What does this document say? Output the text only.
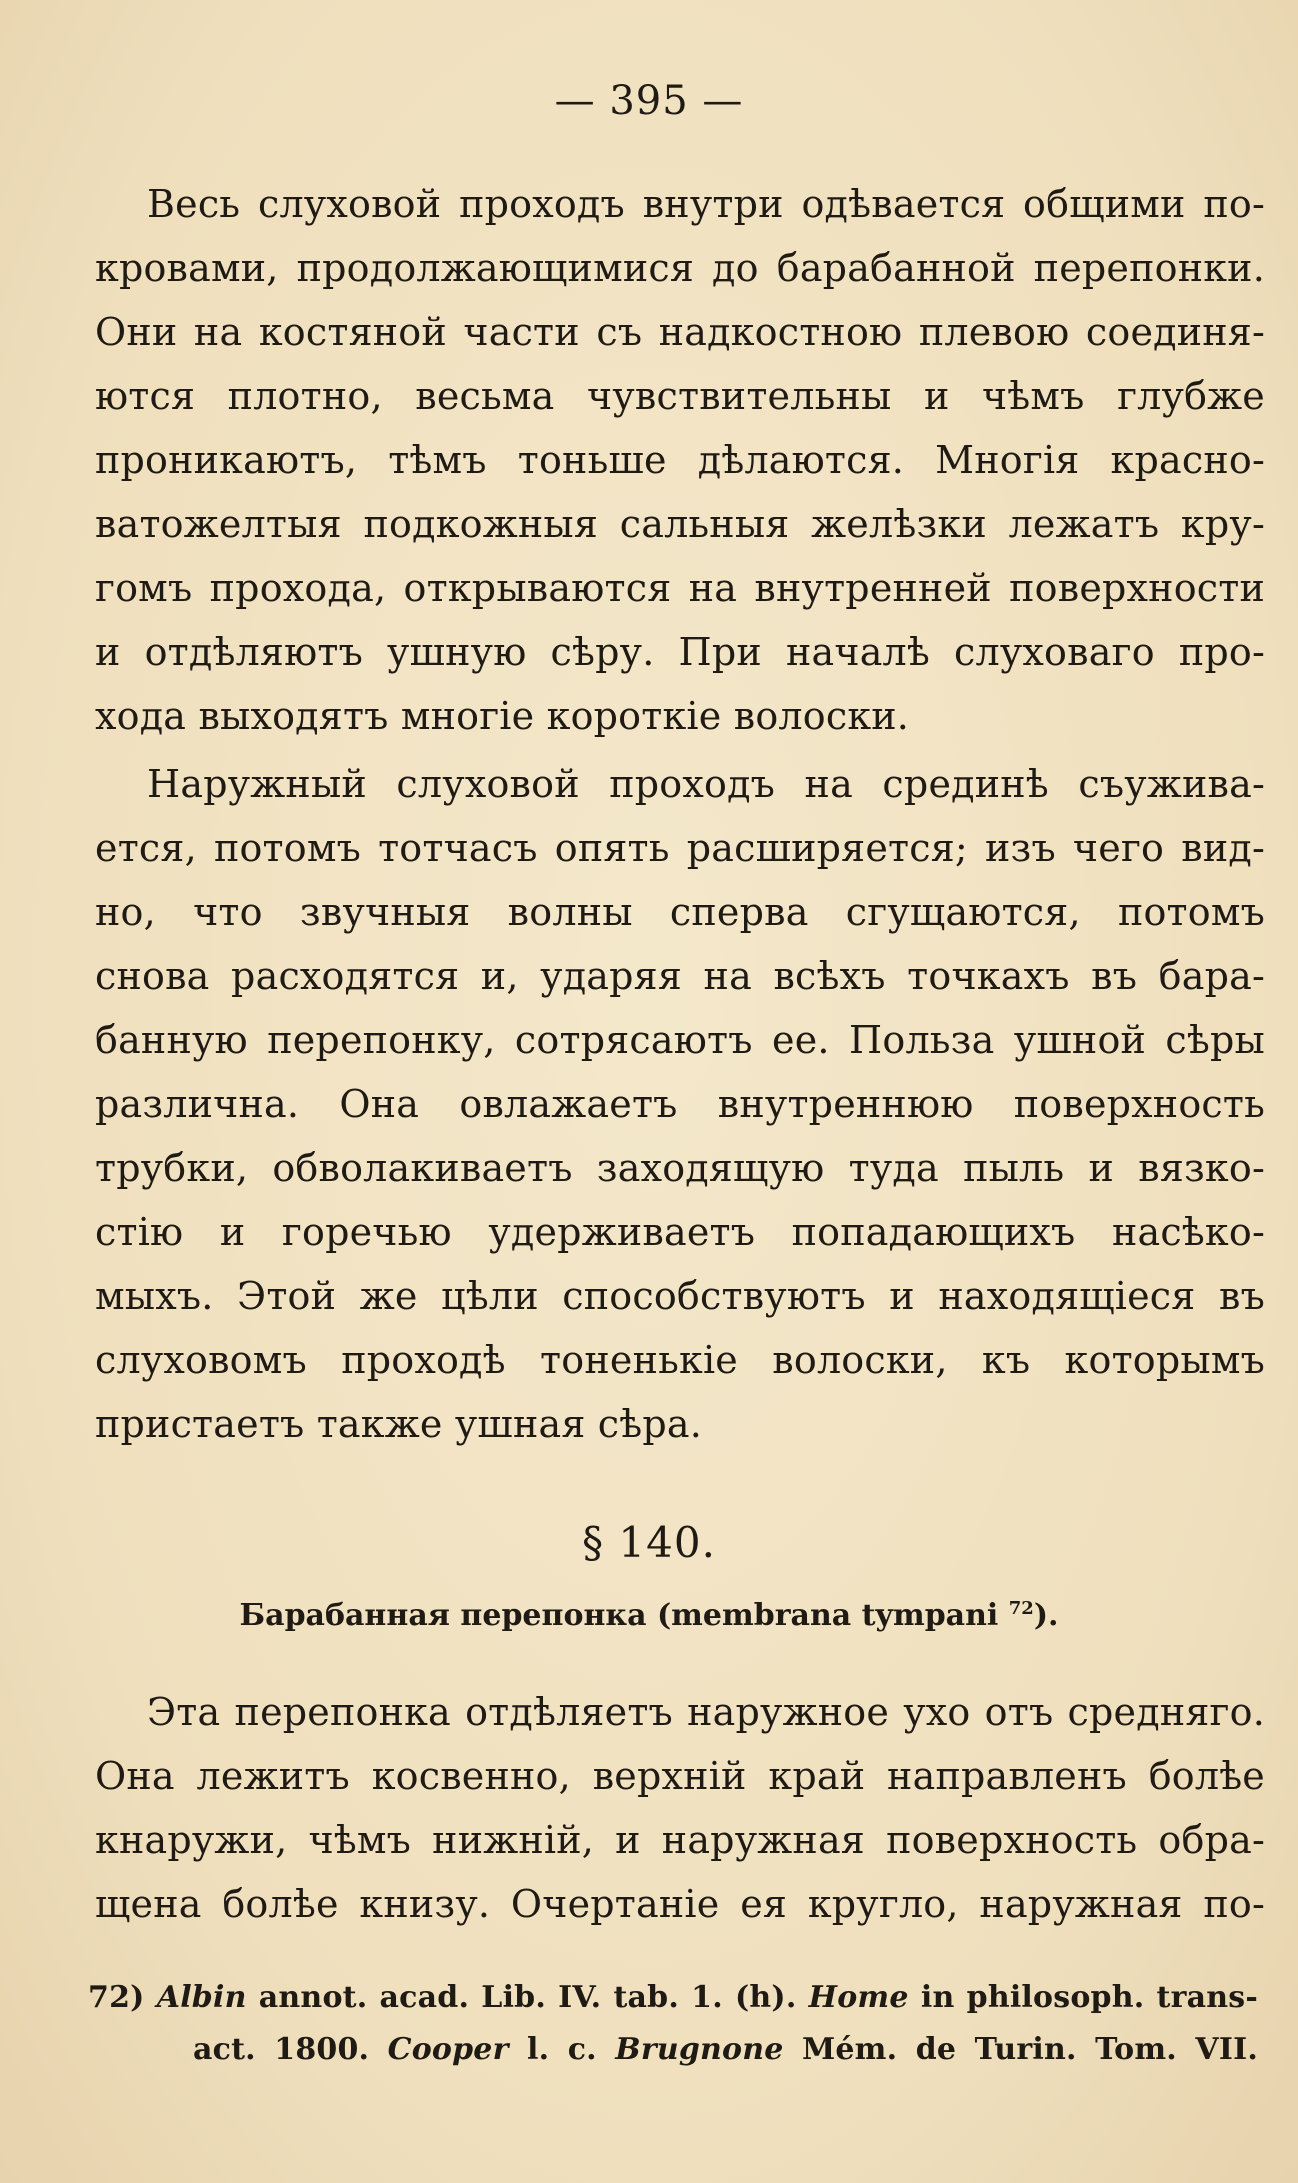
— 395 —
Весь слуховой проходъ внутри одѣвается общими по-
кровами, продолжающимися до барабанной перепонки.
Они на костяной части съ надкостною плевою соединя-
ются плотно, весьма чувствительны и чѣмъ глубже
проникаютъ, тѣмъ тоньше дѣлаются. Многія красно-
ватожелтыя подкожныя сальныя желѣзки лежатъ кру-
гомъ прохода, открываются на внутренней поверхности
и отдѣляютъ ушную сѣру. При началѣ слуховаго про-
хода выходятъ многіе короткіе волоски.
Наружный слуховой проходъ на срединѣ съужива-
ется, потомъ тотчасъ опять расширяется; изъ чего вид-
но, что звучныя волны сперва сгущаются, потомъ
снова расходятся и, ударяя на всѣхъ точкахъ въ бара-
банную перепонку, сотрясаютъ ее. Польза ушной сѣры
различна. Она овлажаетъ внутреннюю поверхность
трубки, обволакиваетъ заходящую туда пыль и вязко-
стію и горечью удерживаетъ попадающихъ насѣко-
мыхъ. Этой же цѣли способствуютъ и находящіеся въ
слуховомъ проходѣ тоненькіе волоски, къ которымъ
пристаетъ также ушная сѣра.
§ 140.
Барабанная перепонка (membrana tympani $^{72}$).
Эта перепонка отдѣляетъ наружное ухо отъ средняго.
Она лежитъ косвенно, верхній край направленъ болѣе
кнаружи, чѣмъ нижній, и наружная поверхность обра-
щена болѣе книзу. Очертаніе ея кругло, наружная по-
72) Albin annot. acad. Lib. IV. tab. 1. (h). Home in philosoph. trans-
act. 1800. Cooper l. c. Brugnone Mém. de Turin. Tom. VII.
